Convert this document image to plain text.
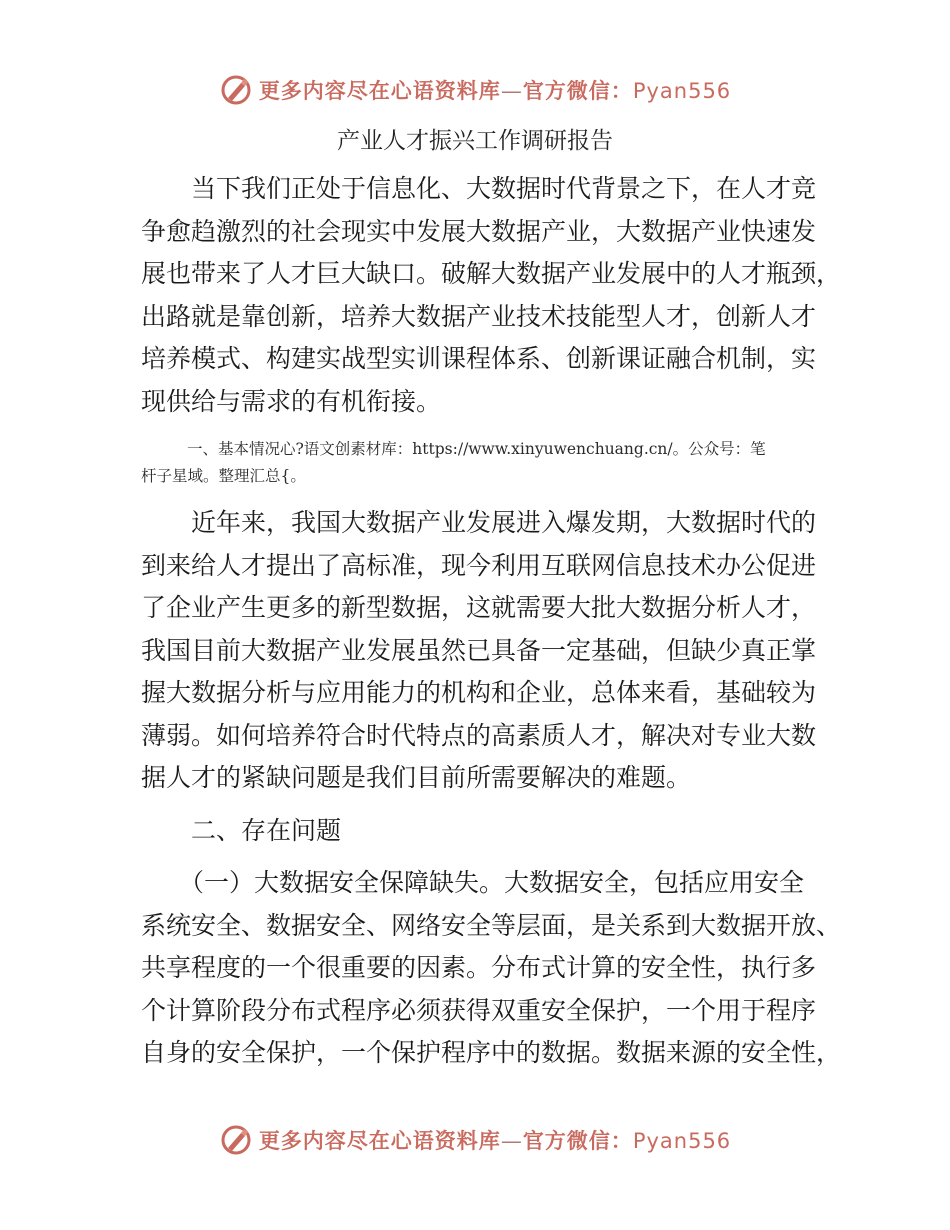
更多内容尽在心语资料库—官方微信：Pyan556
产业人才振兴工作调研报告

当下我们正处于信息化、大数据时代背景之下，在人才竞
争愈趋激烈的社会现实中发展大数据产业，大数据产业快速发
展也带来了人才巨大缺口。破解大数据产业发展中的人才瓶颈，
出路就是靠创新，培养大数据产业技术技能型人才，创新人才
培养模式、构建实战型实训课程体系、创新课证融合机制，实
现供给与需求的有机衔接。

一、基本情况心?语文创素材库：https://www.xinyuwenchuang.cn/。公众号：笔
杆子星域。整理汇总{。

近年来，我国大数据产业发展进入爆发期，大数据时代的
到来给人才提出了高标准，现今利用互联网信息技术办公促进
了企业产生更多的新型数据，这就需要大批大数据分析人才，
我国目前大数据产业发展虽然已具备一定基础，但缺少真正掌
握大数据分析与应用能力的机构和企业，总体来看，基础较为
薄弱。如何培养符合时代特点的高素质人才，解决对专业大数
据人才的紧缺问题是我们目前所需要解决的难题。

二、存在问题

（一）大数据安全保障缺失。大数据安全，包括应用安全
系统安全、数据安全、网络安全等层面，是关系到大数据开放、
共享程度的一个很重要的因素。分布式计算的安全性，执行多
个计算阶段分布式程序必须获得双重安全保护，一个用于程序
自身的安全保护，一个保护程序中的数据。数据来源的安全性，

更多内容尽在心语资料库—官方微信：Pyan556
